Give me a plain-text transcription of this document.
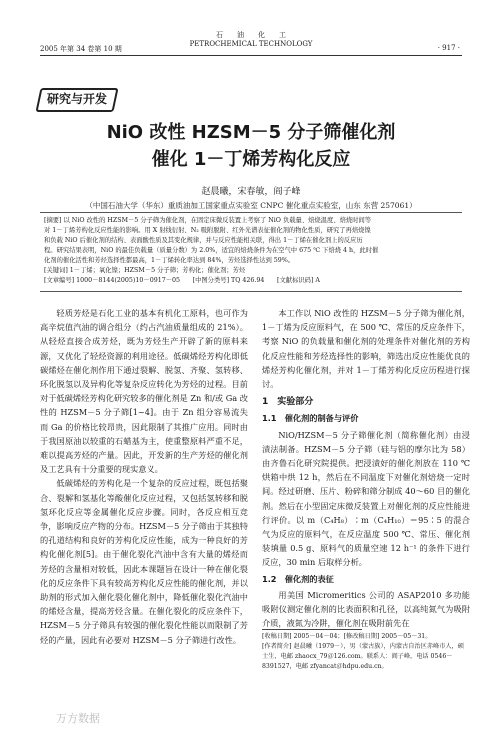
石　　油　　化　　工
PETROCHEMICAL TECHNOLOGY
2005 年第 34 卷第 10 期	· 917 ·
研究与开发
NiO 改性 HZSM－5 分子筛催化剂
催化 1－丁烯芳构化反应
赵晨曦，宋春敏，阎子峰
（中国石油大学（华东）重质油加工国家重点实验室 CNPC 催化重点实验室，山东 东营 257061）

[摘要] 以 NiO 改性的 HZSM－5 分子筛为催化剂，在固定床微反装置上考察了 NiO 负载量、焙烧温度、焙烧时间等

对 1－丁烯芳构化反应性能的影响。用 X 射线衍射、N₂ 吸附脱附、红外光谱表征催化剂的物化性质，研究了再焙烧镍

和负载 NiO 后催化剂的结构、表面酸性质及其变化规律，并与反应性能相关联，得出 1－丁烯在催化剂上的反应历

程。研究结果表明，NiO 的最佳负载量（质量分数）为 2.0%，适宜的焙烧条件为在空气中 675 ℃ 下焙烧 4 h，此时催

化剂的催化活性和芳烃选择性都最高，1－丁烯转化率达到 84%，芳烃选择性达到 59%。

[关键词] 1－丁烯；氧化镍；HZSM－5 分子筛；芳构化；催化剂；芳烃

[文章编号] 1000－8144(2005)10－0917－05　　[中图分类号] TQ 426.94　　[文献标识码] A

轻质芳烃是石化工业的基本有机化工原料，也可作为高辛烷值汽油的调合组分（约占汽油质量组成的 21%）。从轻烃直接合成芳烃，既为芳烃生产开辟了新的原料来源，又优化了轻烃资源的利用途径。低碳烯烃芳构化即低碳烯烃在催化剂作用下通过裂解、脱氢、齐聚、氢转移、环化脱氢以及异构化等复杂反应转化为芳烃的过程。目前对于低碳烯烃芳构化研究较多的催化剂是 Zn 和/或 Ga 改性的 HZSM－5 分子筛[1~4]。由于 Zn 组分容易流失而 Ga 的价格比较昂贵，因此限制了其推广应用。同时由于我国原油以较重的石蜡基为主，使重整原料严重不足，难以提高芳烃的产量。因此，开发新的生产芳烃的催化剂及工艺具有十分重要的现实意义。

低碳烯烃的芳构化是一个复杂的反应过程，既包括聚合、裂解和氢基化等酸催化反应过程，又包括氢转移和脱氢环化反应等金属催化反应步骤。同时，各反应相互竞争，影响反应产物的分布。HZSM－5 分子筛由于其独特的孔道结构和良好的芳构化反应性能，成为一种良好的芳构化催化剂[5]。由于催化裂化汽油中含有大量的烯烃而芳烃的含量相对较低，因此本课题旨在设计一种在催化裂化的反应条件下具有较高芳构化反应性能的催化剂，并以助剂的形式加入催化裂化催化剂中，降低催化裂化汽油中的烯烃含量，提高芳烃含量。在催化裂化的反应条件下，HZSM－5 分子筛具有较强的催化裂化性能以而限制了芳烃的产量，因此有必要对 HZSM－5 分子筛进行改性。

本工作以 NiO 改性的 HZSM－5 分子筛为催化剂，1－丁烯为反应原料气，在 500 ℃、常压的反应条件下，考察 NiO 的负载量和催化剂的处理条件对催化剂的芳构化反应性能和芳烃选择性的影响，筛选出反应性能优良的烯烃芳构化催化剂，并对 1－丁烯芳构化反应历程进行探讨。

1　实验部分
1.1　催化剂的制备与评价

NiO/HZSM－5 分子筛催化剂（简称催化剂）由浸渍法制备。HZSM－5 分子筛（硅与铝的摩尔比为 58）由齐鲁石化研究院提供。把浸渍好的催化剂放在 110 ℃ 烘箱中烘 12 h，然后在不同温度下对催化剂焙烧一定时间。经过研磨、压片、粉碎和筛分制成 40～60 目的催化剂。然后在小型固定床微反装置上对催化剂的反应性能进行评价。以 m（C₄H₈）∶m（C₄H₁₀）＝95∶5 的混合气为反应的原料气，在反应温度 500 ℃、常压、催化剂装填量 0.5 g、原料气的质量空速 12 h⁻¹ 的条件下进行反应，30 min 后取样分析。

1.2　催化剂的表征

用美国 Micromeritics 公司的 ASAP2010 多功能吸附仪测定催化剂的比表面积和孔径，以高纯氮气为吸附介质，液氮为冷阱，催化剂在吸附前先在

[收稿日期] 2005－04－04；[修改稿日期] 2005－05－31。
[作者简介] 赵晨曦（1979－），男（蒙古族），内蒙古自治区赤峰市人，硕士生，电邮 zhaocx_79＠126.com。联系人：阎子峰，电话 0546－8391527，电邮 zfyancat＠hdpu.edu.cn。
万方数据
